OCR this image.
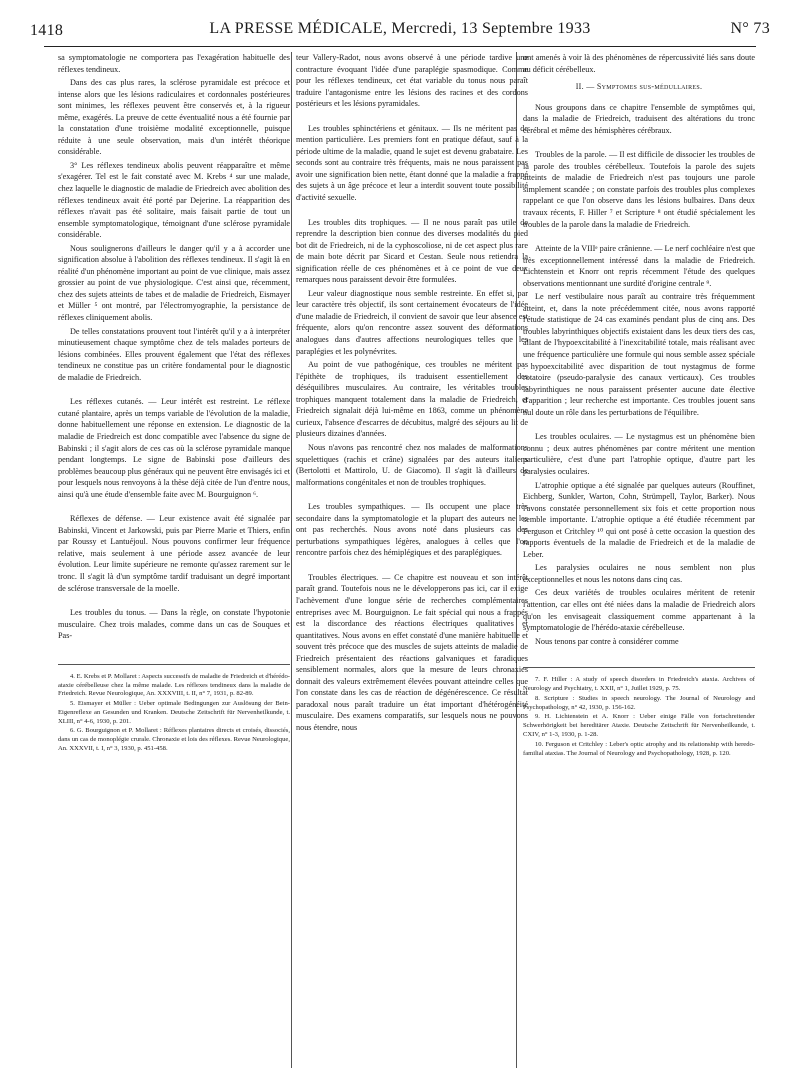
1418	LA PRESSE MÉDICALE, Mercredi, 13 Septembre 1933	N° 73

sa symptomatologie ne comportera pas l'exagération habituelle des réflexes tendineux.

Dans des cas plus rares, la sclérose pyramidale est précoce et intense alors que les lésions radiculaires et cordonnales postérieures sont minimes, les réflexes peuvent être conservés et, à la rigueur même, exagérés. La preuve de cette éventualité nous a été fournie par la constatation d'une troisième modalité exceptionnelle, puisque réduite à une seule observation, mais d'un intérêt théorique considérable.

3° Les réflexes tendineux abolis peuvent réapparaître et même s'exagérer. Tel est le fait constaté avec M. Krebs ⁴ sur une malade, chez laquelle le diagnostic de maladie de Friedreich avec abolition des réflexes tendineux avait été porté par Dejerine. La réapparition des réflexes n'avait pas été solitaire, mais faisait partie de tout un ensemble symptomatologique, témoignant d'une sclérose pyramidale considérable.

Nous soulignerons d'ailleurs le danger qu'il y a à accorder une signification absolue à l'abolition des réflexes tendineux. Il s'agit là en réalité d'un phénomène important au point de vue clinique, mais assez grossier au point de vue physiologique. C'est ainsi que, récemment, chez des sujets atteints de tabes et de maladie de Friedreich, Eismayer et Müller ⁵ ont montré, par l'électromyographie, la persistance de réflexes cliniquement abolis.

De telles constatations prouvent tout l'intérêt qu'il y a à interpréter minutieusement chaque symptôme chez de tels malades porteurs de lésions combinées. Elles prouvent également que l'état des réflexes tendineux ne constitue pas un critère fondamental pour le diagnostic de maladie de Friedreich.

Les réflexes cutanés. — Leur intérêt est restreint. Le réflexe cutané plantaire, après un temps variable de l'évolution de la maladie, donne habituellement une réponse en extension. Le diagnostic de la maladie de Friedreich est donc compatible avec l'absence du signe de Babinski ; il s'agit alors de ces cas où la sclérose pyramidale manque pendant longtemps. Le signe de Babinski pose d'ailleurs des problèmes beaucoup plus généraux qui ne peuvent être envisagés ici et pour lesquels nous renvoyons à la thèse déjà citée de l'un d'entre nous, ainsi qu'à une étude d'ensemble faite avec M. Bourguignon ⁶.

Réflexes de défense. — Leur existence avait été signalée par Babinski, Vincent et Jarkowski, puis par Pierre Marie et Thiers, enfin par Roussy et Lantuéjoul. Nous pouvons confirmer leur fréquence relative, mais seulement à une période assez avancée de leur évolution. Leur limite supérieure ne remonte qu'assez rarement sur le tronc. Il s'agit là d'un symptôme tardif traduisant un degré important de sclérose transversale de la moelle.

Les troubles du tonus. — Dans la règle, on constate l'hypotonie musculaire. Chez trois malades, comme dans un cas de Souques et Pas-

4. E. Krebs et P. Mollaret : Aspects successifs de maladie de Friedreich et d'hérédo-ataxie cérébelleuse chez la même malade. Les réflexes tendineux dans la maladie de Friedreich. Revue Neurologique, An. XXXVIII, t. II, n° 7, 1931, p. 82-89.

5. Eismayer et Müller : Ueber optimale Bedingungen zur Auslösung der Bein-Eigenreflexe an Gesunden und Kranken. Deutsche Zeitschrift für Nervenheilkunde, t. XLIII, n° 4-6, 1930, p. 201.

6. G. Bourguignon et P. Mollaret : Réflexes plantaires directs et croisés, dissociés, dans un cas de monoplégie crurale. Chronaxie et lois des réflexes. Revue Neurologique, An. XXXVII, t. I, n° 3, 1930, p. 451-458.

teur Vallery-Radot, nous avons observé à une période tardive une contracture évoquant l'idée d'une paraplégie spasmodique. Comme pour les réflexes tendineux, cet état variable du tonus nous paraît traduire l'antagonisme entre les lésions des racines et des cordons postérieurs et les lésions pyramidales.

Les troubles sphinctériens et génitaux. — Ils ne méritent pas de mention particulière. Les premiers font en pratique défaut, sauf à la période ultime de la maladie, quand le sujet est devenu grabataire. Les seconds sont au contraire très fréquents, mais ne nous paraissent pas avoir une signification bien nette, étant donné que la maladie a frappé des sujets à un âge précoce et leur a interdit souvent toute possibilité d'activité sexuelle.

Les troubles dits trophiques. — Il ne nous paraît pas utile de reprendre la description bien connue des diverses modalités du pied bot dit de Friedreich, ni de la cyphoscoliose, ni de cet aspect plus rare de main bote décrit par Sicard et Cestan. Seule nous retiendra la signification réelle de ces phénomènes et à ce point de vue deux remarques nous paraissent devoir être formulées.

Leur valeur diagnostique nous semble restreinte. En effet si, par leur caractère très objectif, ils sont certainement évocateurs de l'idée d'une maladie de Friedreich, il convient de savoir que leur absence est fréquente, alors qu'on rencontre assez souvent des déformations analogues dans d'autres affections neurologiques telles que les paraplégies et les polynévrites.

Au point de vue pathogénique, ces troubles ne méritent pas l'épithète de trophiques, ils traduisent essentiellement des déséquilibres musculaires. Au contraire, les véritables troubles trophiques manquent totalement dans la maladie de Friedreich, et Friedreich signalait déjà lui-même en 1863, comme un phénomène curieux, l'absence d'escarres de décubitus, malgré des séjours au lit de plusieurs dizaines d'années.

Nous n'avons pas rencontré chez nos malades de malformations squelettiques (rachis et crâne) signalées par des auteurs italiens (Bertolotti et Mattirolo, U. de Giacomo). Il s'agit là d'ailleurs de malformations congénitales et non de troubles trophiques.

Les troubles sympathiques. — Ils occupent une place très secondaire dans la symptomatologie et la plupart des auteurs ne les ont pas recherchés. Nous avons noté dans plusieurs cas des perturbations sympathiques légères, analogues à celles que l'on rencontre parfois chez des hémiplégiques et des paraplégiques.

Troubles électriques. — Ce chapitre est nouveau et son intérêt paraît grand. Toutefois nous ne le développerons pas ici, car il exige l'achèvement d'une longue série de recherches complémentaires entreprises avec M. Bourguignon. Le fait spécial qui nous a frappés est la discordance des réactions électriques qualitatives et quantitatives. Nous avons en effet constaté d'une manière habituelle et souvent très précoce que des muscles de sujets atteints de maladie de Friedreich présentaient des réactions galvaniques et faradiques sensiblement normales, alors que la mesure de leurs chronaxies donnait des valeurs extrêmement élevées pouvant atteindre celles que l'on constate dans les cas de réaction de dégénérescence. Ce résultat paradoxal nous paraît traduire un état important d'hétérogénéité musculaire. Des examens comparatifs, sur lesquels nous ne pouvons nous étendre, nous

ont amenés à voir là des phénomènes de répercussivité liés sans doute au déficit cérébelleux.

II. — Symptomes sus-médullaires.

Nous groupons dans ce chapitre l'ensemble de symptômes qui, dans la maladie de Friedreich, traduisent des altérations du tronc cérébral et même des hémisphères cérébraux.

Troubles de la parole. — Il est difficile de dissocier les troubles de la parole des troubles cérébelleux. Toutefois la parole des sujets atteints de maladie de Friedreich n'est pas toujours une parole simplement scandée ; on constate parfois des troubles plus complexes rappelant ce que l'on observe dans les lésions bulbaires. Dans deux travaux récents, F. Hiller ⁷ et Scripture ⁸ ont étudié spécialement les troubles de la parole dans la maladie de Friedreich.

Atteinte de la VIIIᵉ paire crânienne. — Le nerf cochléaire n'est que très exceptionnellement intéressé dans la maladie de Friedreich. Lichtenstein et Knorr ont repris récemment l'étude des quelques observations mentionnant une surdité d'origine centrale ⁹.

Le nerf vestibulaire nous paraît au contraire très fréquemment atteint, et, dans la note précédemment citée, nous avons rapporté l'étude statistique de 24 cas examinés pendant plus de cinq ans. Des troubles labyrinthiques objectifs existaient dans les deux tiers des cas, allant de l'hypoexcitabilité à l'inexcitabilité totale, mais réalisant avec une fréquence particulière une formule qui nous semble assez spéciale : hypoexcitabilité avec disparition de tout nystagmus de forme rotatoire (pseudo-paralysie des canaux verticaux). Ces troubles labyrinthiques ne nous paraissent présenter aucune date élective d'apparition ; leur recherche est importante. Ces troubles jouent sans nul doute un rôle dans les perturbations de l'équilibre.

Les troubles oculaires. — Le nystagmus est un phénomène bien connu ; deux autres phénomènes par contre méritent une mention particulière, c'est d'une part l'atrophie optique, d'autre part les paralysies oculaires.

L'atrophie optique a été signalée par quelques auteurs (Rouffinet, Eichberg, Sunkler, Warton, Cohn, Strümpell, Taylor, Barker). Nous l'avons constatée personnellement six fois et cette proportion nous semble importante. L'atrophie optique a été étudiée récemment par Ferguson et Critchley ¹⁰ qui ont posé à cette occasion la question des rapports éventuels de la maladie de Friedreich et de la maladie de Leber.

Les paralysies oculaires ne nous semblent non plus exceptionnelles et nous les notons dans cinq cas.

Ces deux variétés de troubles oculaires méritent de retenir l'attention, car elles ont été niées dans la maladie de Friedreich alors qu'on les envisageait classiquement comme appartenant à la symptomatologie de l'hérédo-ataxie cérébelleuse.

Nous tenons par contre à considérer comme

7. F. Hiller : A study of speech disorders in Friedreich's ataxia. Archives of Neurology and Psychiatry, t. XXII, n° 1, Juillet 1929, p. 75.

8. Scripture : Studies in speech neurology. The Journal of Neurology and Psychopathology, n° 42, 1930, p. 156-162.

9. H. Lichtenstein et A. Knorr : Ueber einige Fälle von fortschreitender Schwerhörigkeit bei hereditärer Ataxie. Deutsche Zeitschrift für Nervenheilkunde, t. CXIV, n° 1-3, 1930, p. 1-28.

10. Ferguson et Critchley : Leber's optic atrophy and its relationship with heredo-familial ataxias. The Journal of Neurology and Psychopathology, 1928, p. 120.
